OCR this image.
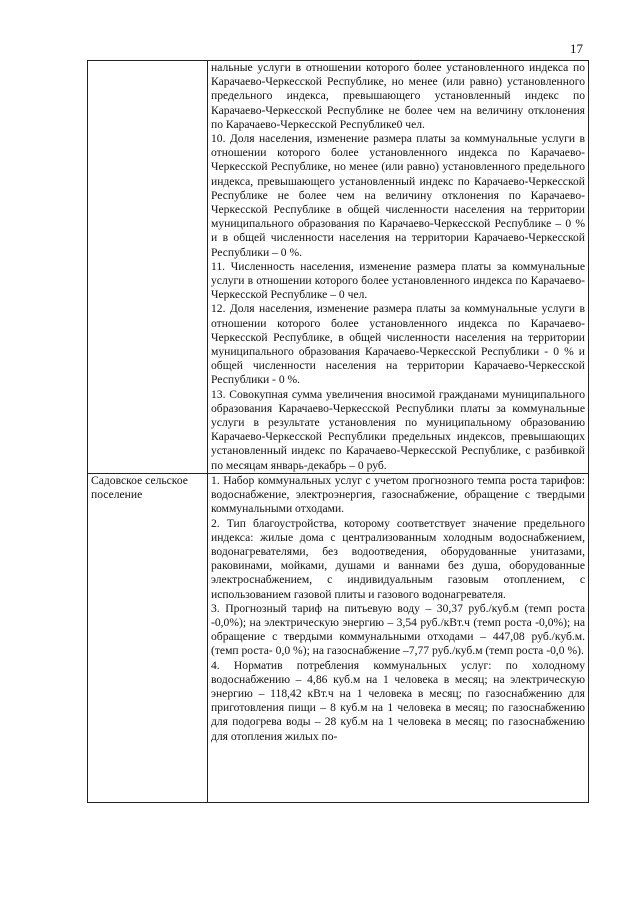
17

	нальные услуги в отношении которого более установленного индекса по Карачаево-Черкесской Республике, но менее (или равно) установленного предельного индекса, превышающего установленный индекс по Карачаево-Черкесской Республике не более чем на величину отклонения по Карачаево-Черкесской Республике0 чел.

10. Доля населения, изменение размера платы за коммунальные услуги в отношении которого более установленного индекса по Карачаево-Черкесской Республике, но менее (или равно) установленного предельного индекса, превышающего установленный индекс по Карачаево-Черкесской Республике не более чем на величину отклонения по Карачаево-Черкесской Республике в общей численности населения на территории муниципального образования по Карачаево-Черкесской Республике – 0 % и в общей численности населения на территории Карачаево-Черкесской Республики – 0 %.

11. Численность населения, изменение размера платы за коммунальные услуги в отношении которого более установленного индекса по Карачаево-Черкесской Республике – 0 чел.

12. Доля населения, изменение размера платы за коммунальные услуги в отношении которого более установленного индекса по Карачаево-Черкесской Республике, в общей численности населения на территории муниципального образования Карачаево-Черкесской Республики - 0 % и общей численности населения на территории Карачаево-Черкесской Республики - 0 %.

13. Совокупная сумма увеличения вносимой гражданами муниципального образования Карачаево-Черкесской Республики платы за коммунальные услуги в результате установления по муниципальному образованию Карачаево-Черкесской Республики предельных индексов, превышающих установленный индекс по Карачаево-Черкесской Республике, с разбивкой по месяцам январь-декабрь – 0 руб.

Садовское сельское поселение	1. Набор коммунальных услуг с учетом прогнозного темпа роста тарифов: водоснабжение, электроэнергия, газоснабжение, обращение с твердыми коммунальными отходами.

2. Тип благоустройства, которому соответствует значение предельного индекса: жилые дома с централизованным холодным водоснабжением, водонагревателями, без водоотведения, оборудованные унитазами, раковинами, мойками, душами и ваннами без душа, оборудованные электроснабжением, с индивидуальным газовым отоплением, с использованием газовой плиты и газового водонагревателя.

3. Прогнозный тариф на питьевую воду – 30,37 руб./куб.м (темп роста -0,0%); на электрическую энергию – 3,54 руб./кВт.ч (темп роста -0,0%); на обращение с твердыми коммунальными отходами – 447,08 руб./куб.м. (темп роста- 0,0 %); на газоснабжение –7,77 руб./куб.м (темп роста -0,0 %).

4. Норматив потребления коммунальных услуг: по холодному водоснабжению – 4,86 куб.м на 1 человека в месяц; на электрическую энергию – 118,42 кВт.ч на 1 человека в месяц; по газоснабжению для приготовления пищи – 8 куб.м на 1 человека в месяц; по газоснабжению для подогрева воды – 28 куб.м на 1 человека в месяц; по газоснабжению для отопления жилых по-
